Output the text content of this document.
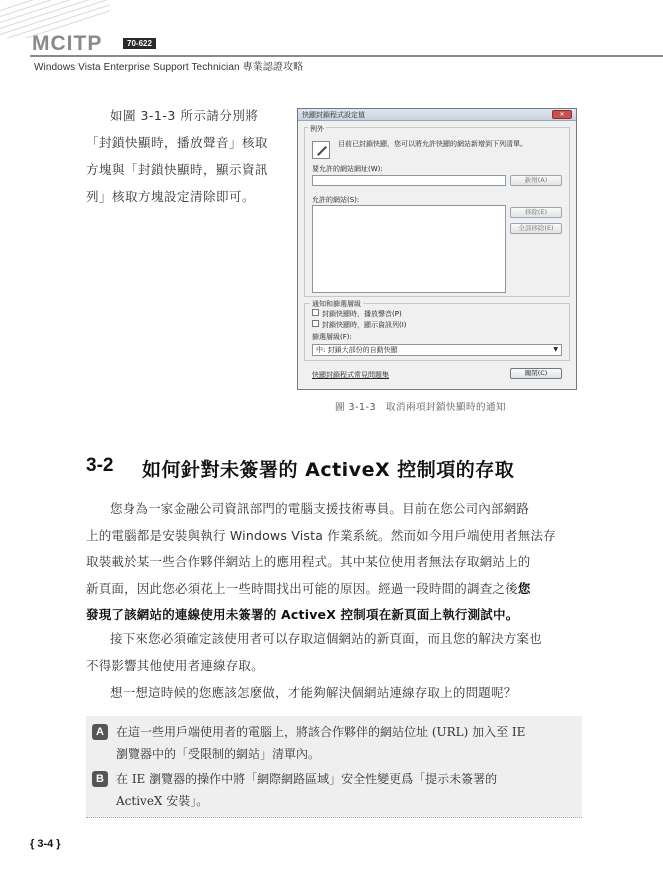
MCITP	70-622
Windows Vista Enterprise Support Technician 專業認證攻略
如圖 3-1-3 所示請分別將
「封鎖快顯時，播放聲音」核取
方塊與「封鎖快顯時，顯示資訊
列」核取方塊設定清除即可。
快顯封鎖程式設定值	✕
例外
目前已封鎖快顯，您可以將允許快顯的網站新增到下列清單。
要允許的網站網址(W):
新增(A)
允許的網站(S):
移除(E)
全部移除(E)
通知和篩選層級
封鎖快顯時，播放聲音(P)
封鎖快顯時，顯示資訊列(I)
篩選層級(F):
中: 封鎖大部份的自動快顯	▼
快顯封鎖程式常見問題集	關閉(C)
圖 3-1-3　取消兩項封鎖快顯時的通知
3-2 如何針對未簽署的 ActiveX 控制項的存取
您身為一家金融公司資訊部門的電腦支援技術專員。目前在您公司內部網路
上的電腦都是安裝與執行 Windows Vista 作業系統。然而如今用戶端使用者無法存
取裝載於某一些合作夥伴網站上的應用程式。其中某位使用者無法存取網站上的
新頁面，因此您必須花上一些時間找出可能的原因。經過一段時間的調查之後您
發現了該網站的連線使用未簽署的 ActiveX 控制項在新頁面上執行測試中。
接下來您必須確定該使用者可以存取這個網站的新頁面，而且您的解決方案也
不得影響其他使用者連線存取。
想一想這時候的您應該怎麼做，才能夠解決個網站連線存取上的問題呢？
A	在這一些用戶端使用者的電腦上，將該合作夥伴的網站位址 (URL) 加入至 IE
瀏覽器中的「受限制的網站」清單內。
B	在 IE 瀏覽器的操作中將「網際網路區域」安全性變更爲「提示未簽署的
ActiveX 安裝」。
{ 3-4 }
